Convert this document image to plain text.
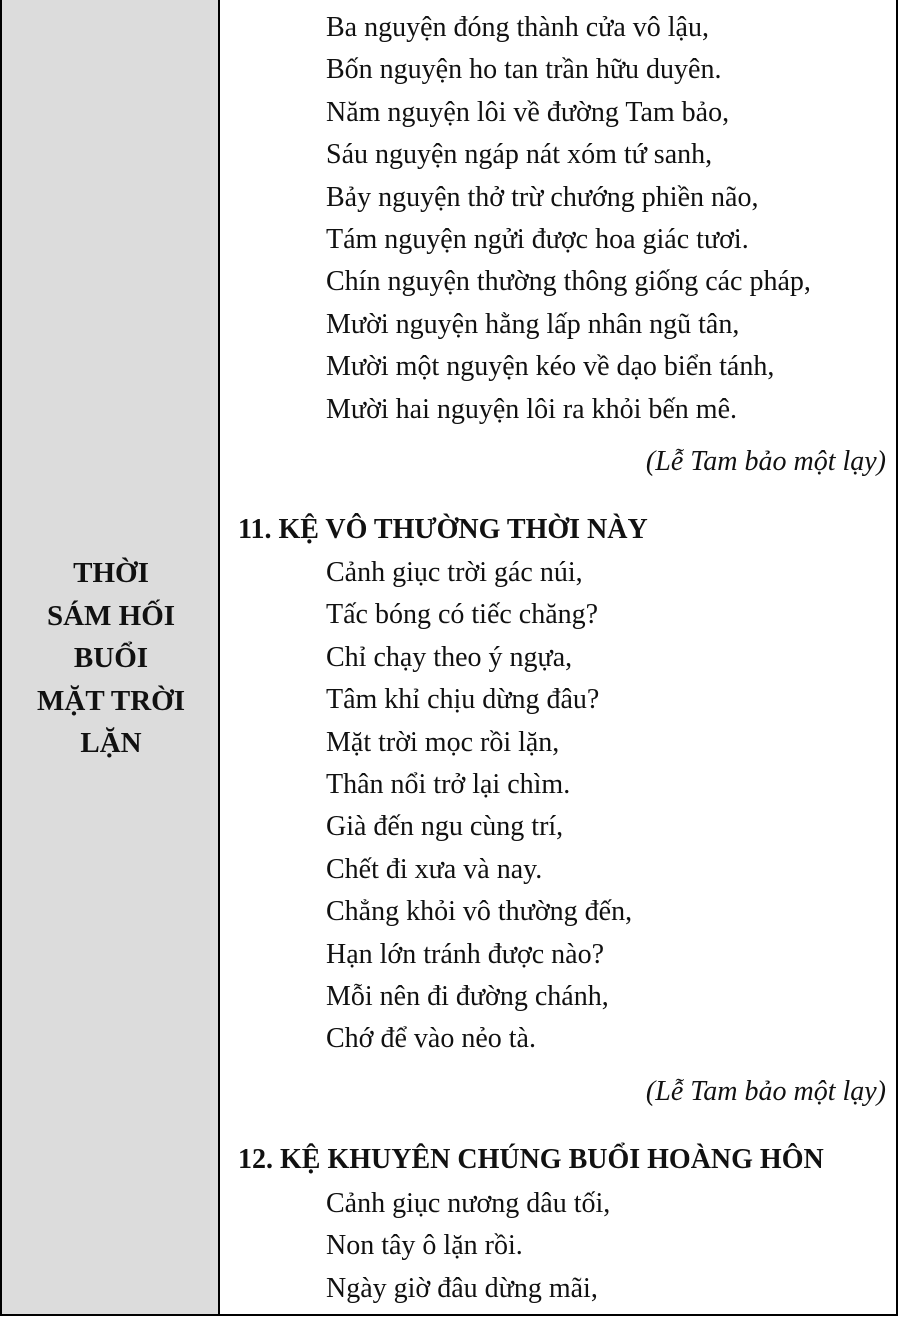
THỜI
SÁM HỐI
BUỔI
MẶT TRỜI
LẶN
Ba nguyện đóng thành cửa vô lậu,
Bốn nguyện ho tan trần hữu duyên.
Năm nguyện lôi về đường Tam bảo,
Sáu nguyện ngáp nát xóm tứ sanh,
Bảy nguyện thở trừ chướng phiền não,
Tám nguyện ngửi được hoa giác tươi.
Chín nguyện thường thông giống các pháp,
Mười nguyện hằng lấp nhân ngũ tân,
Mười một nguyện kéo về dạo biển tánh,
Mười hai nguyện lôi ra khỏi bến mê.

(Lễ Tam bảo một lạy)

11. KỆ VÔ THƯỜNG THỜI NÀY
Cảnh giục trời gác núi,
Tấc bóng có tiếc chăng?
Chỉ chạy theo ý ngựa,
Tâm khỉ chịu dừng đâu?
Mặt trời mọc rồi lặn,
Thân nổi trở lại chìm.
Già đến ngu cùng trí,
Chết đi xưa và nay.
Chẳng khỏi vô thường đến,
Hạn lớn tránh được nào?
Mỗi nên đi đường chánh,
Chớ để vào nẻo tà.

(Lễ Tam bảo một lạy)

12. KỆ KHUYÊN CHÚNG BUỔI HOÀNG HÔN
Cảnh giục nương dâu tối,
Non tây ô lặn rồi.
Ngày giờ đâu dừng mãi,
